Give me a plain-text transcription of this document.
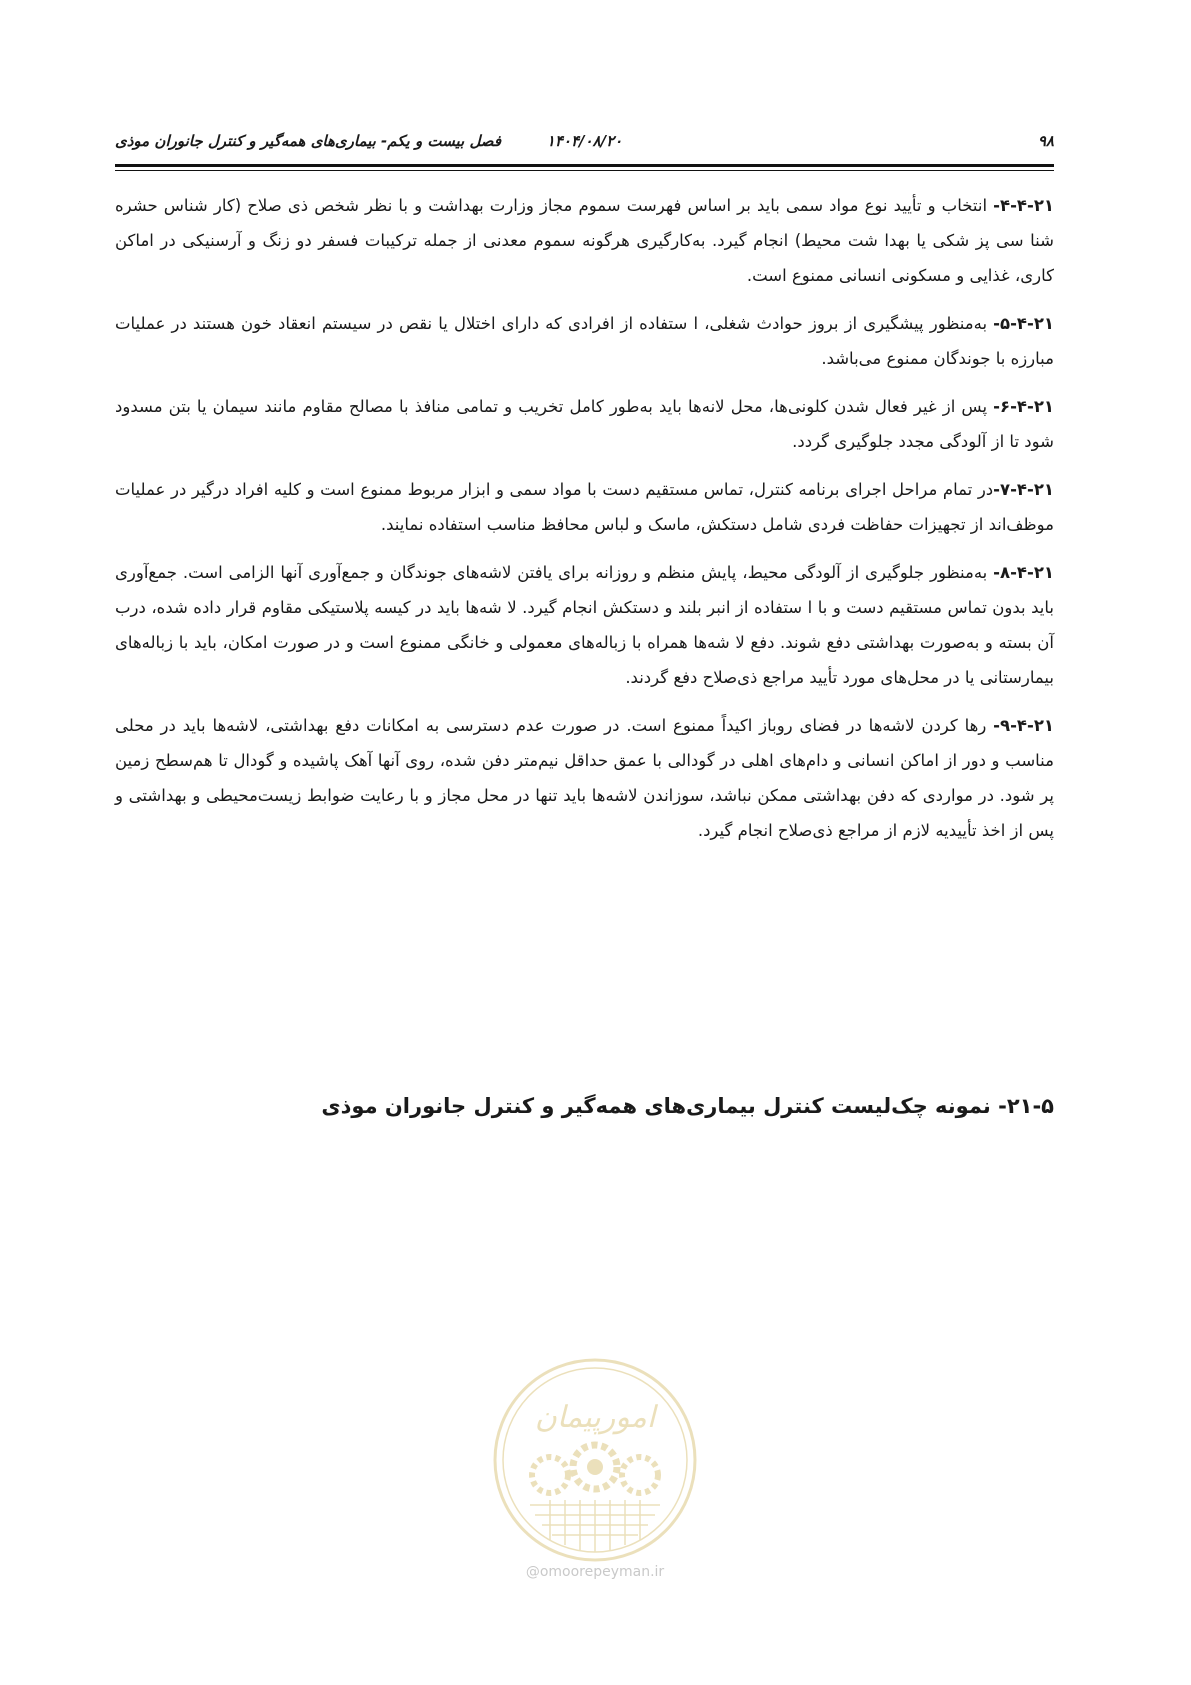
۹۸
۱۴۰۴/۰۸/۲۰
فصل بیست و یکم- بیماری‌های همه‌گیر و کنترل جانوران موذی

۴-۴-۲۱- انتخاب و تأیید نوع مواد سمی باید بر اساس فهرست سموم مجاز وزارت بهداشت و با نظر شخص ذی صلاح (کار شناس حشره شنا سی پز شکی یا بهدا شت محیط) انجام گیرد. به‌کارگیری هرگونه سموم معدنی از جمله ترکیبات فسفر دو زنگ و آرسنیکی در اماکن کاری، غذایی و مسکونی انسانی ممنوع است.

۵-۴-۲۱- به‌منظور پیشگیری از بروز حوادث شغلی، ا ستفاده از افرادی که دارای اختلال یا نقص در سیستم انعقاد خون هستند در عملیات مبارزه با جوندگان ممنوع می‌باشد.

۶-۴-۲۱- پس از غیر فعال شدن کلونی‌ها، محل لانه‌ها باید به‌طور کامل تخریب و تمامی منافذ با مصالح مقاوم مانند سیمان یا بتن مسدود شود تا از آلودگی مجدد جلوگیری گردد.

۷-۴-۲۱-در تمام مراحل اجرای برنامه کنترل، تماس مستقیم دست با مواد سمی و ابزار مربوط ممنوع است و کلیه افراد درگیر در عملیات موظف‌اند از تجهیزات حفاظت فردی شامل دستکش، ماسک و لباس محافظ مناسب استفاده نمایند.

۸-۴-۲۱- به‌منظور جلوگیری از آلودگی محیط، پایش منظم و روزانه برای یافتن لاشه‌های جوندگان و جمع‌آوری آنها الزامی است. جمع‌آوری باید بدون تماس مستقیم دست و با ا ستفاده از انبر بلند و دستکش انجام گیرد. لا شه‌ها باید در کیسه پلاستیکی مقاوم قرار داده شده، درب آن بسته و به‌صورت بهداشتی دفع شوند. دفع لا شه‌ها همراه با زباله‌های معمولی و خانگی ممنوع است و در صورت امکان، باید با زباله‌های بیمارستانی یا در محل‌های مورد تأیید مراجع ذی‌صلاح دفع گردند.

۹-۴-۲۱- رها کردن لاشه‌ها در فضای روباز اکیداً ممنوع است. در صورت عدم دسترسی به امکانات دفع بهداشتی، لاشه‌ها باید در محلی مناسب و دور از اماکن انسانی و دام‌های اهلی در گودالی با عمق حداقل نیم‌متر دفن شده، روی آنها آهک پاشیده و گودال تا هم‌سطح زمین پر شود. در مواردی که دفن بهداشتی ممکن نباشد، سوزاندن لاشه‌ها باید تنها در محل مجاز و با رعایت ضوابط زیست‌محیطی و بهداشتی و پس از اخذ تأییدیه لازم از مراجع ذی‌صلاح انجام گیرد.

۲۱-۵- نمونه چک‌لیست کنترل بیماری‌های همه‌گیر و کنترل جانوران موذی
امورپیمان
@omoorepeyman.ir
